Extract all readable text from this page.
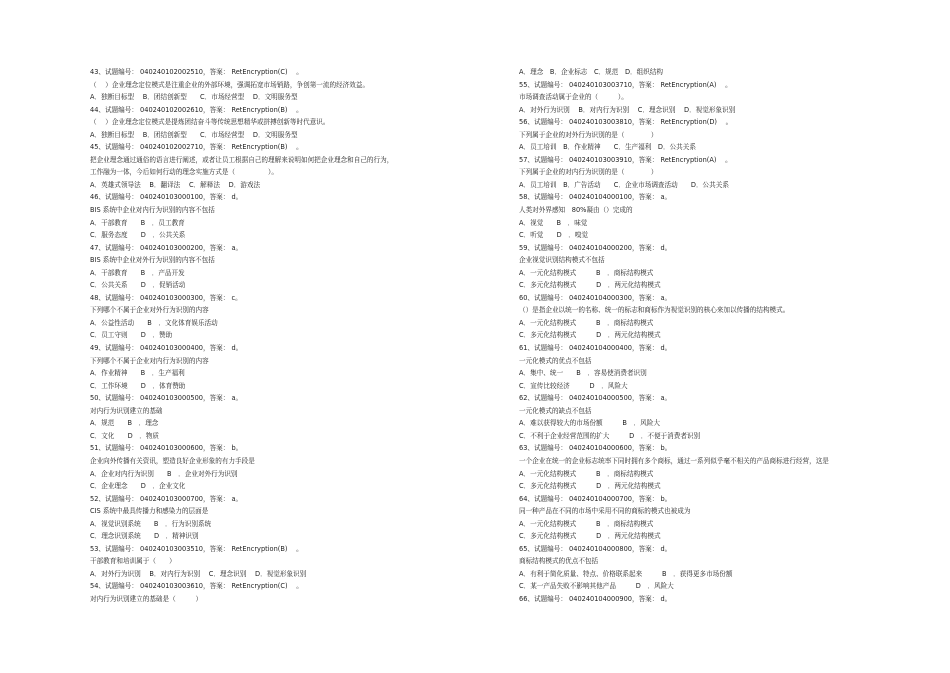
43、试题编号： 040240102002510，答案： RetEncryption(C)　 。
（　 ）企业理念定位模式是注重企业的外部环境，强调拓宽市场销路，争创第一流的经济效益。
A．独断目标型　 B．团结创新型　　C．市场经营型　 D．文明服务型
44、试题编号： 040240102002610，答案： RetEncryption(B)　 。
（　 ）企业理念定位模式是提炼团结奋斗等传统思想精华或拼搏创新等时代意识。
A．独断目标型　 B．团结创新型　　C．市场经营型　 D．文明服务型
45、试题编号： 040240102002710，答案： RetEncryption(B)　 。
把企业理念通过通俗的语言进行阐述，或者让员工根据自己的理解来说明如何把企业理念和自己的行为，
工作融为一体，今后如何行动的理念实施方式是（　　　　　）。
A．英雄式领导法　 B．翻译法　 C．解释法　 D．游戏法
46、试题编号： 040240103000100，答案： d。
BIS 系统中企业对内行为识别的内容不包括
A．干部教育　　B　．员工教育
C．服务态度　　D　．公共关系
47、试题编号： 040240103000200，答案： a。
BIS 系统中企业对外行为识别的内容不包括
A．干部教育　　B　．产品开发
C．公共关系　　D　．促销活动
48、试题编号： 040240103000300，答案： c。
下列哪个不属于企业对外行为识别的内容
A．公益性活动　　B　．文化体育娱乐活动
C．员工守则　　D　．赞助
49、试题编号： 040240103000400，答案： d。
下列哪个不属于企业对内行为识别的内容
A．作业精神　　B　．生产福利
C．工作环境　　D　．体育赞助
50、试题编号： 040240103000500，答案： a。
对内行为识别建立的基础
A．规范　　B　．理念
C．文化　　D　．物质
51、试题编号： 040240103000600，答案： b。
企业向外传播有关资讯，塑造良好企业形象的有力手段是
A．企业对内行为识别　　B　．企业对外行为识别
C．企业理念　　D　．企业文化
52、试题编号： 040240103000700，答案： a。
CIS 系统中最具传播力和感染力的层面是
A．视觉识别系统　　B　．行为识别系统
C．理念识别系统　　D　．精神识别
53、试题编号： 040240103003510，答案： RetEncryption(B)　 。
干部教育和培训属于（　　）
A．对外行为识别　 B．对内行为识别　 C．理念识别　 D．视觉形象识别
54、试题编号： 040240103003610，答案： RetEncryption(C)　 。
对内行为识别建立的基础是（　　　）
A．理念　B．企业标志　C．规范　D．组织结构
55、试题编号： 040240103003710，答案： RetEncryption(A)　 。
市场调查活动属于企业的（　　　）。
A．对外行为识别　 B．对内行为识别　 C．理念识别　 D．视觉形象识别
56、试题编号： 040240103003810，答案： RetEncryption(D)　 。
下列属于企业的对外行为识别的是（　　　　）
A．员工培训　B．作业精神　　C．生产福利　D．公共关系
57、试题编号： 040240103003910，答案： RetEncryption(A)　 。
下列属于企业的对内行为识别的是（　　　　）
A．员工培训　B．广告活动　　C．企业市场调查活动　　D．公共关系
58、试题编号： 040240104000100，答案： a。
人类对外界感知　80%凝由（）完成的
A．视觉　　B　．味觉
C．听觉　　D　．嗅觉
59、试题编号： 040240104000200，答案： d。
企业视觉识别结构模式不包括
A．一元化结构模式　　　B　．商标结构模式
C．多元化结构模式　　　D　．两元化结构模式
60、试题编号： 040240104000300，答案： a。
（）是指企业以统一的名称、统一的标志和商标作为视觉识别的核心来加以传播的结构模式。
A．一元化结构模式　　　B　．商标结构模式
C．多元化结构模式　　　D　．两元化结构模式
61、试题编号： 040240104000400，答案： d。
一元化模式的优点不包括
A．集中、统一　　B　．容易使消费者识别
C．宣传比较经济　　　D　．风险大
62、试题编号： 040240104000500，答案： a。
一元化模式的缺点不包括
A．难以获得较大的市场份额　　　B　．风险大
C．不利于企业经营范围的扩大　　　D　．不便于消费者识别
63、试题编号： 040240104000600，答案： b。
一个企业在统一的企业标志统率下同时拥有多个商标，通过一系列似乎毫不相关的产品商标进行经营，这是
A．一元化结构模式　　　B　．商标结构模式
C．多元化结构模式　　　D　．两元化结构模式
64、试题编号： 040240104000700，答案： b。
同一种产品在不同的市场中采用不同的商标的模式也被成为
A．一元化结构模式　　　B　．商标结构模式
C．多元化结构模式　　　D　．两元化结构模式
65、试题编号： 040240104000800，答案： d。
商标结构模式的优点不包括
A．有利于简化质量、特点、价格联系起来　　　B　．获得更多市场份额
C．某一产品失败不影响其他产品　　　D　．风险大
66、试题编号： 040240104000900，答案： d。
